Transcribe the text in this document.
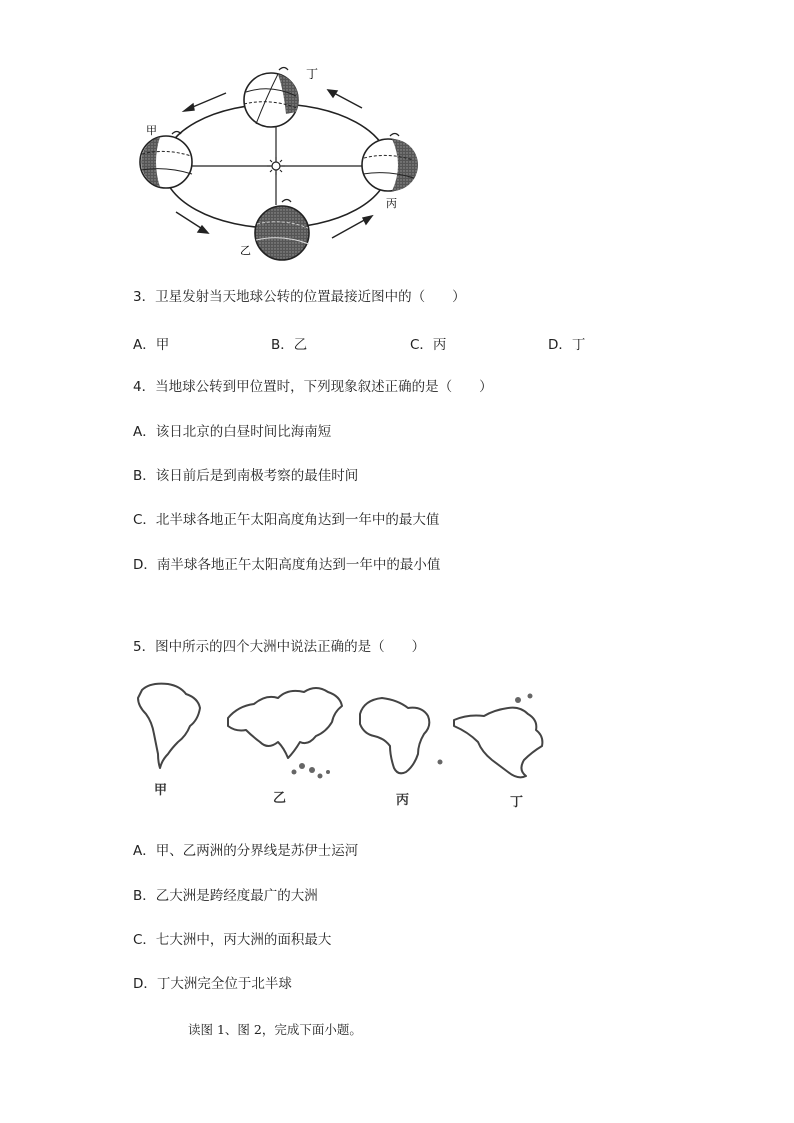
丁
甲
丙
乙
3．卫星发射当天地球公转的位置最接近图中的（　　）
A．甲	B．乙	C．丙	D．丁
4．当地球公转到甲位置时，下列现象叙述正确的是（　　）
A．该日北京的白昼时间比海南短
B．该日前后是到南极考察的最佳时间
C．北半球各地正午太阳高度角达到一年中的最大值
D．南半球各地正午太阳高度角达到一年中的最小值
5．图中所示的四个大洲中说法正确的是（　　）
甲
乙	丙	丁
A．甲、乙两洲的分界线是苏伊士运河
B．乙大洲是跨经度最广的大洲
C．七大洲中，丙大洲的面积最大
D．丁大洲完全位于北半球
读图 1、图 2，完成下面小题。
